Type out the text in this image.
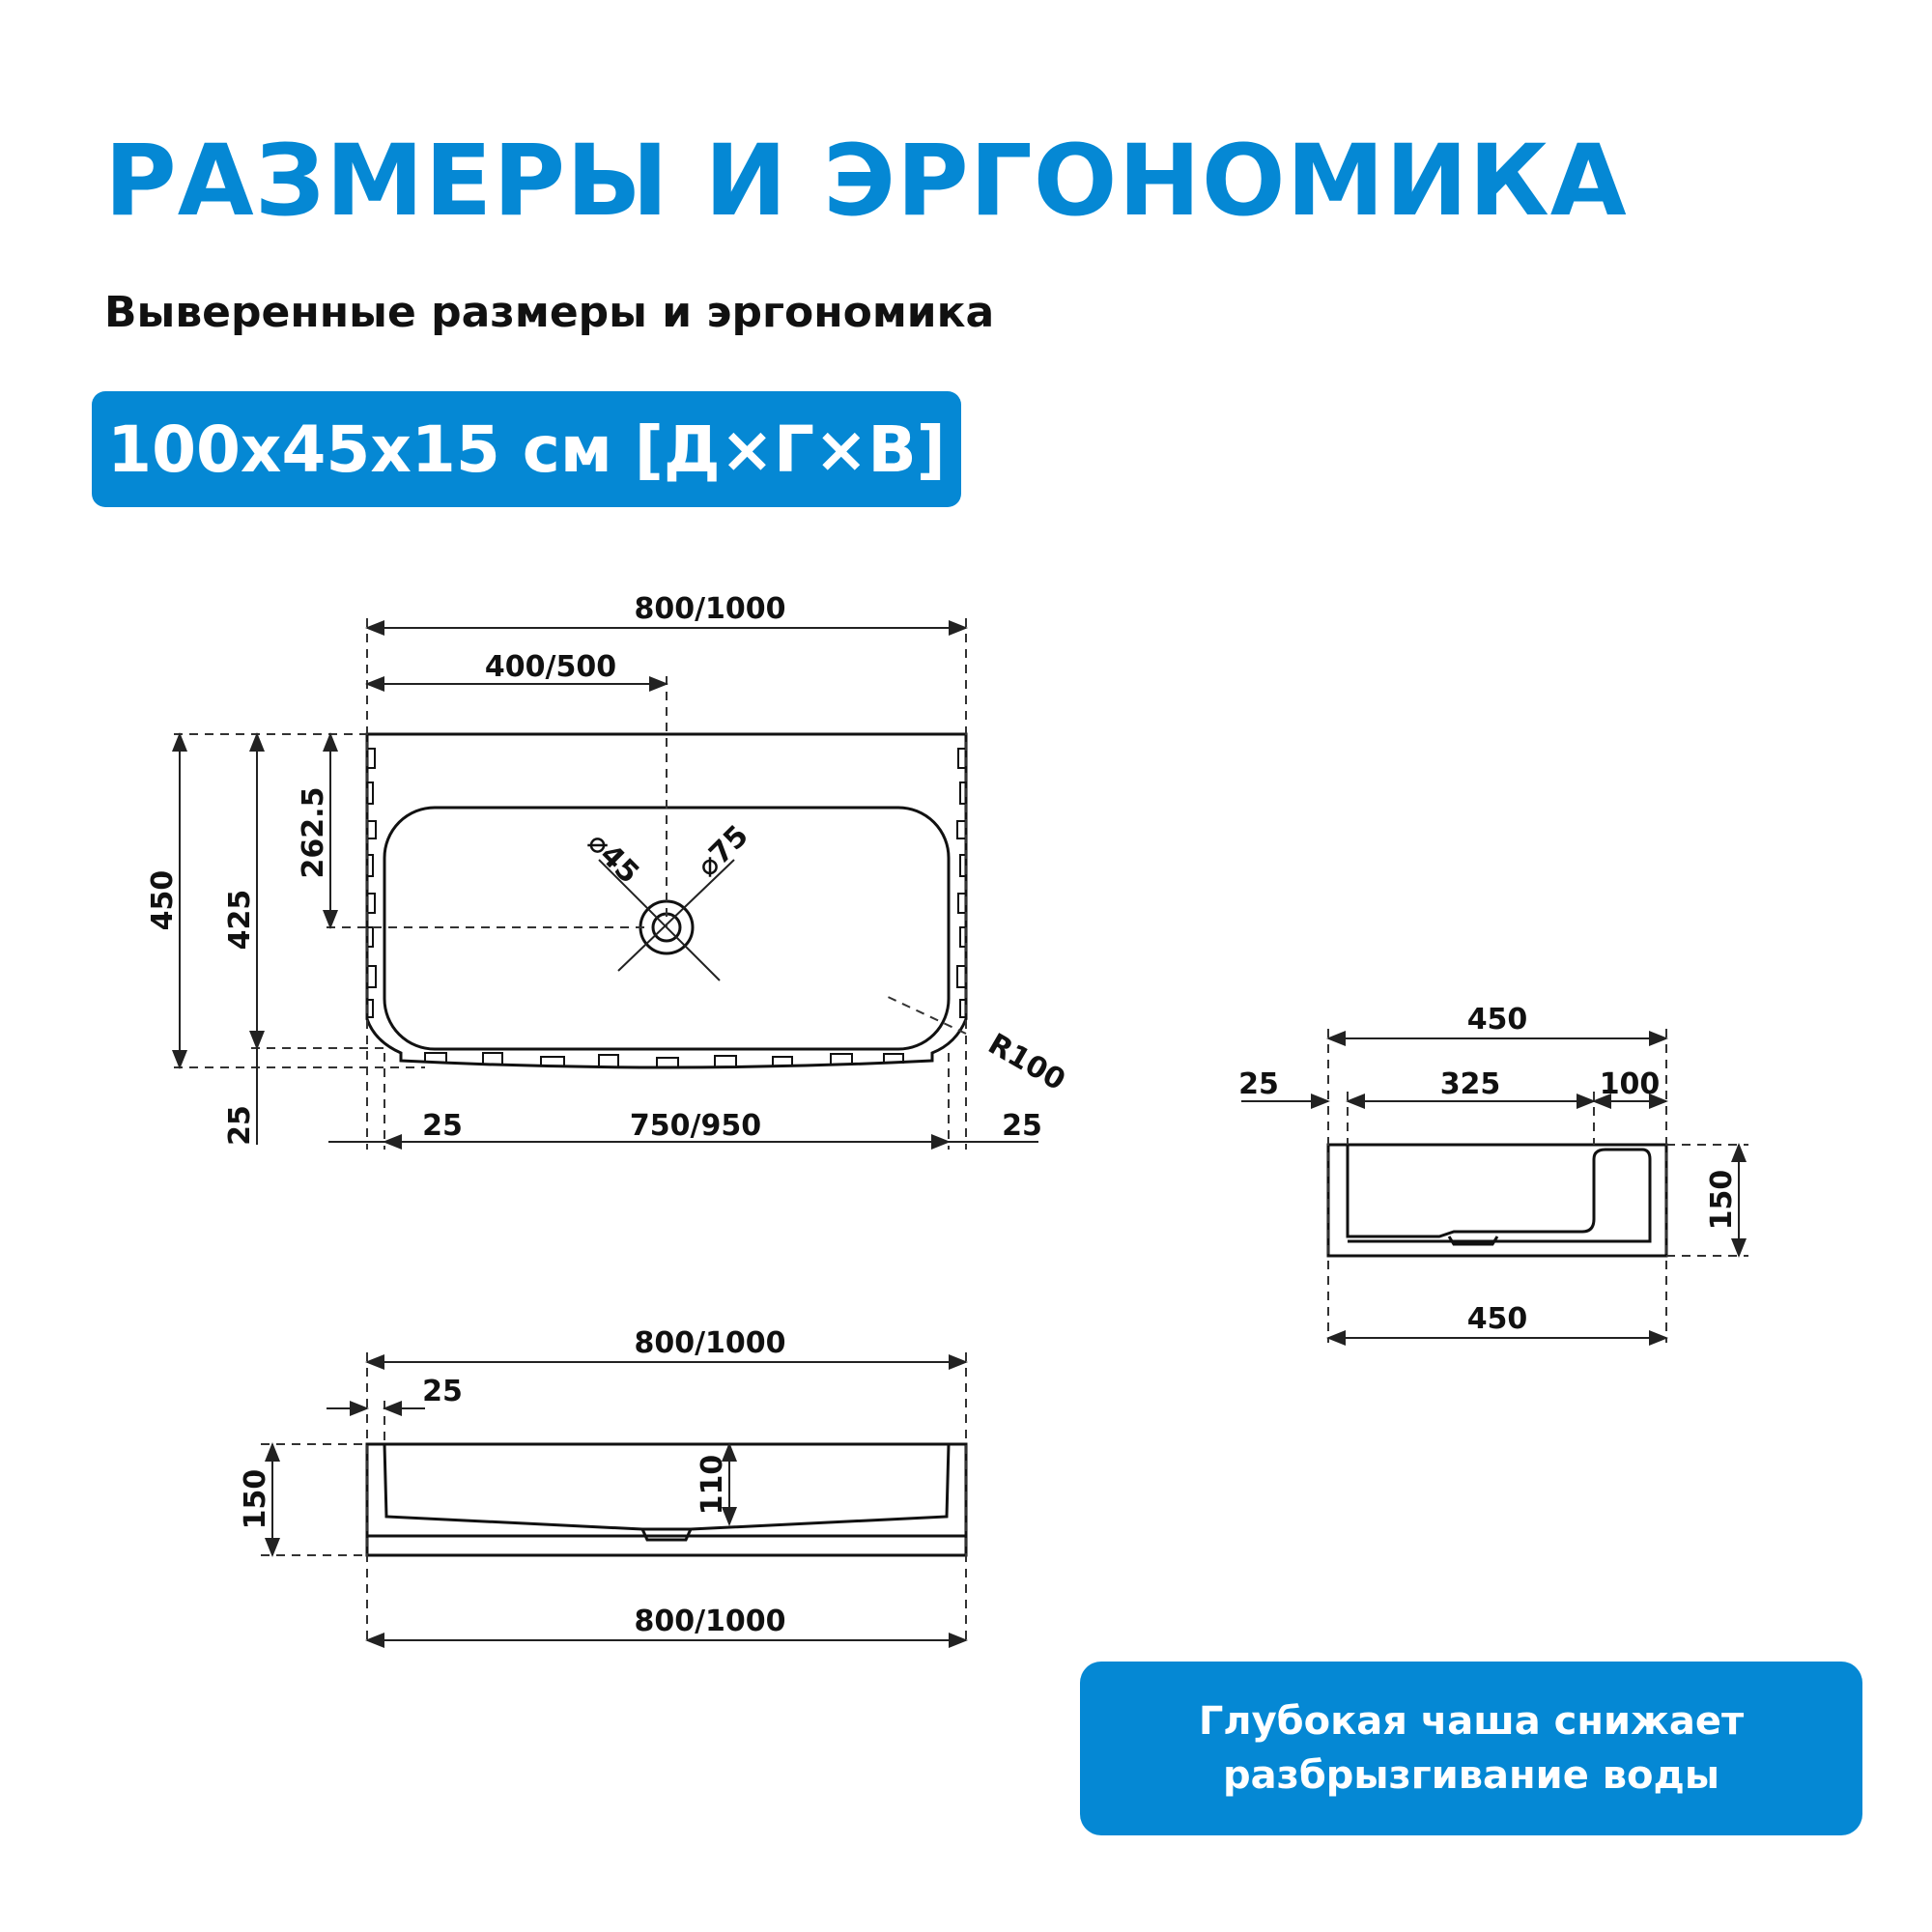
РАЗМЕРЫ И ЭРГОНОМИКА

Выверенные размеры и эргономика

100х45х15 см [Д×Г×В]
800/1000
400/500
262.5
450 425
25
⌀45 ⌀75
25	750/950	25
R100
450
25	325	100
150
450
800/1000
25
150	110
800/1000
Глубокая чаша снижает
разбрызгивание воды
